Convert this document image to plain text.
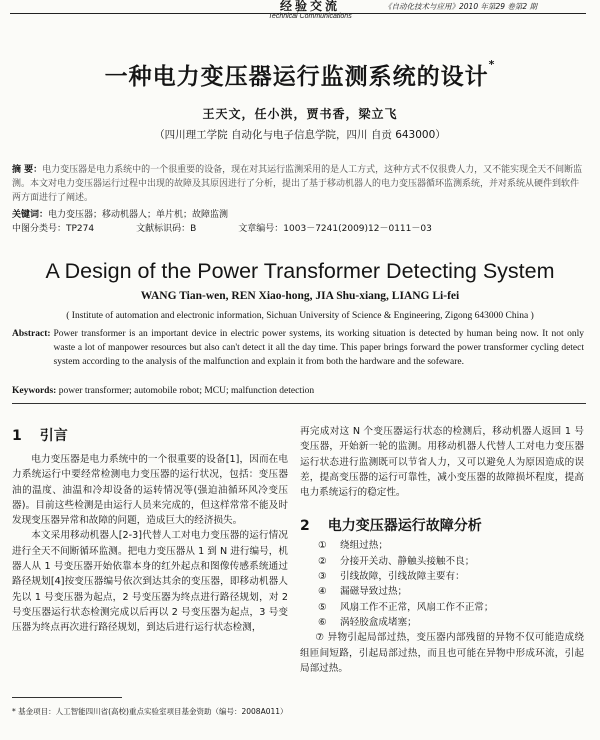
经验交流
Technical Communications
《自动化技术与应用》2010 年第29 卷第2 期
一种电力变压器运行监测系统的设计*
王天文，任小洪，贾书香，梁立飞
（四川理工学院 自动化与电子信息学院，四川 自贡 643000）
摘 要：电力变压器是电力系统中的一个很重要的设备，现在对其运行监测采用的是人工方式，这种方式不仅很费人力，又不能实现全天不间断监测。本文对电力变压器运行过程中出现的故障及其原因进行了分析，提出了基于移动机器人的电力变压器循环监测系统，并对系统从硬件到软件两方面进行了阐述。
关键词：电力变压器；移动机器人；单片机；故障监测
中图分类号：TP274	文献标识码：B	文章编号：1003－7241(2009)12－0111－03
A Design of the Power Transformer Detecting System
WANG Tian-wen, REN Xiao-hong, JIA Shu-xiang, LIANG Li-fei
( Institute of automation and electronic information, Sichuan University of Science & Engineering, Zigong 643000 China )
Abstract: Power transformer is an important device in electric power systems, its working situation is detected by human being now. It not only waste a lot of manpower resources but also can't detect it all the day time. This paper brings forward the power transformer cycling detect system according to the analysis of the malfunction and explain it from both the hardware and the sofeware.
Keywords: power transformer; automobile robot; MCU; malfunction detection
1 引言

电力变压器是电力系统中的一个很重要的设备[1]，因而在电力系统运行中要经常检测电力变压器的运行状况，包括：变压器油的温度、油温和冷却设备的运转情况等(强迫油循环风冷变压器)。目前这些检测是由运行人员来完成的，但这样常常不能及时发现变压器异常和故障的问题，造成巨大的经济损失。

本文采用移动机器人[2-3]代替人工对电力变压器的运行情况进行全天不间断循环监测。把电力变压器从 1 到 N 进行编号，机器人从 1 号变压器开始依靠本身的红外起点和图像传感系统通过路径规划[4]按变压器编号依次到达其余的变压器，即移动机器人先以 1 号变压器为起点，2 号变压器为终点进行路径规划，对 2 号变压器运行状态检测完成以后再以 2 号变压器为起点，3 号变压器为终点再次进行路径规划，到达后进行运行状态检测，

再完成对这 N 个变压器运行状态的检测后，移动机器人返回 1 号变压器，开始新一轮的监测。用移动机器人代替人工对电力变压器运行状态进行监测既可以节省人力，又可以避免人为原因造成的误差，提高变压器的运行可靠性，减小变压器的故障损坏程度，提高电力系统运行的稳定性。

2 电力变压器运行故障分析
①	绕组过热；
②	分接开关动、静触头接触不良；
③	引线故障，引线故障主要有：
④	漏磁导致过热；
⑤	风扇工作不正常，风扇工作不正常；
⑥	涡轻胶盒成堵塞；

⑦ 异物引起局部过热，变压器内部残留的异物不仅可能造成绕组匝间短路，引起局部过热，而且也可能在异物中形成环流，引起局部过热。

* 基金项目：人工智能四川省(高校)重点实验室项目基金资助（编号：2008A011）
